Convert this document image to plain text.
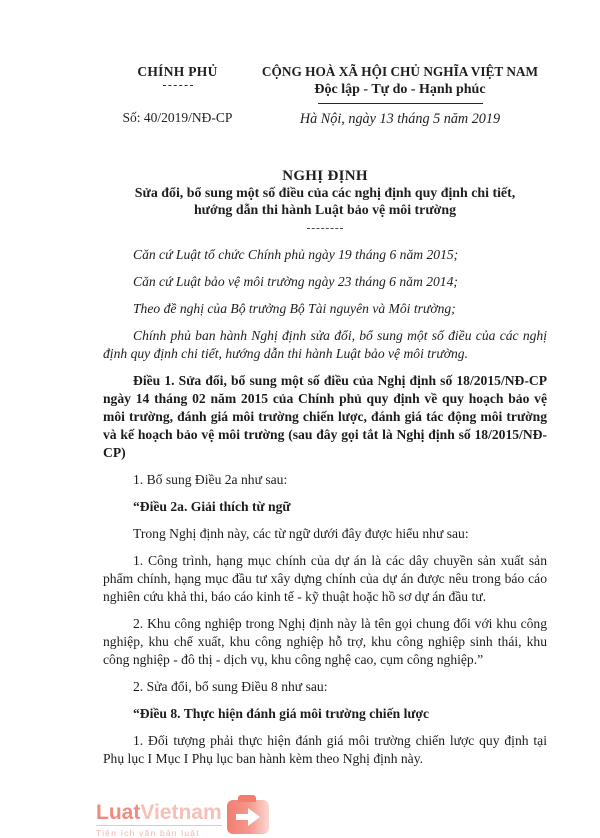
CHÍNH PHỦ
Số: 40/2019/NĐ-CP
CỘNG HOÀ XÃ HỘI CHỦ NGHĨA VIỆT NAM
Độc lập - Tự do - Hạnh phúc
Hà Nội, ngày 13 tháng 5 năm 2019
NGHỊ ĐỊNH
Sửa đổi, bổ sung một số điều của các nghị định quy định chi tiết,
hướng dẫn thi hành Luật bảo vệ môi trường

Căn cứ Luật tổ chức Chính phủ ngày 19 tháng 6 năm 2015;

Căn cứ Luật bảo vệ môi trường ngày 23 tháng 6 năm 2014;

Theo đề nghị của Bộ trưởng Bộ Tài nguyên và Môi trường;

Chính phủ ban hành Nghị định sửa đổi, bổ sung một số điều của các nghị định quy định chi tiết, hướng dẫn thi hành Luật bảo vệ môi trường.

Điều 1. Sửa đổi, bổ sung một số điều của Nghị định số 18/2015/NĐ-CP ngày 14 tháng 02 năm 2015 của Chính phủ quy định về quy hoạch bảo vệ môi trường, đánh giá môi trường chiến lược, đánh giá tác động môi trường và kế hoạch bảo vệ môi trường (sau đây gọi tắt là Nghị định số 18/2015/NĐ-CP)

1. Bổ sung Điều 2a như sau:

“Điều 2a. Giải thích từ ngữ

Trong Nghị định này, các từ ngữ dưới đây được hiểu như sau:

1. Công trình, hạng mục chính của dự án là các dây chuyền sản xuất sản phẩm chính, hạng mục đầu tư xây dựng chính của dự án được nêu trong báo cáo nghiên cứu khả thi, báo cáo kinh tế - kỹ thuật hoặc hồ sơ dự án đầu tư.

2. Khu công nghiệp trong Nghị định này là tên gọi chung đối với khu công nghiệp, khu chế xuất, khu công nghiệp hỗ trợ, khu công nghiệp sinh thái, khu công nghiệp - đô thị - dịch vụ, khu công nghệ cao, cụm công nghiệp.”

2. Sửa đổi, bổ sung Điều 8 như sau:

“Điều 8. Thực hiện đánh giá môi trường chiến lược

1. Đối tượng phải thực hiện đánh giá môi trường chiến lược quy định tại Phụ lục I Mục I Phụ lục ban hành kèm theo Nghị định này.

LuatVietnam
Tiện ích văn bản luật
